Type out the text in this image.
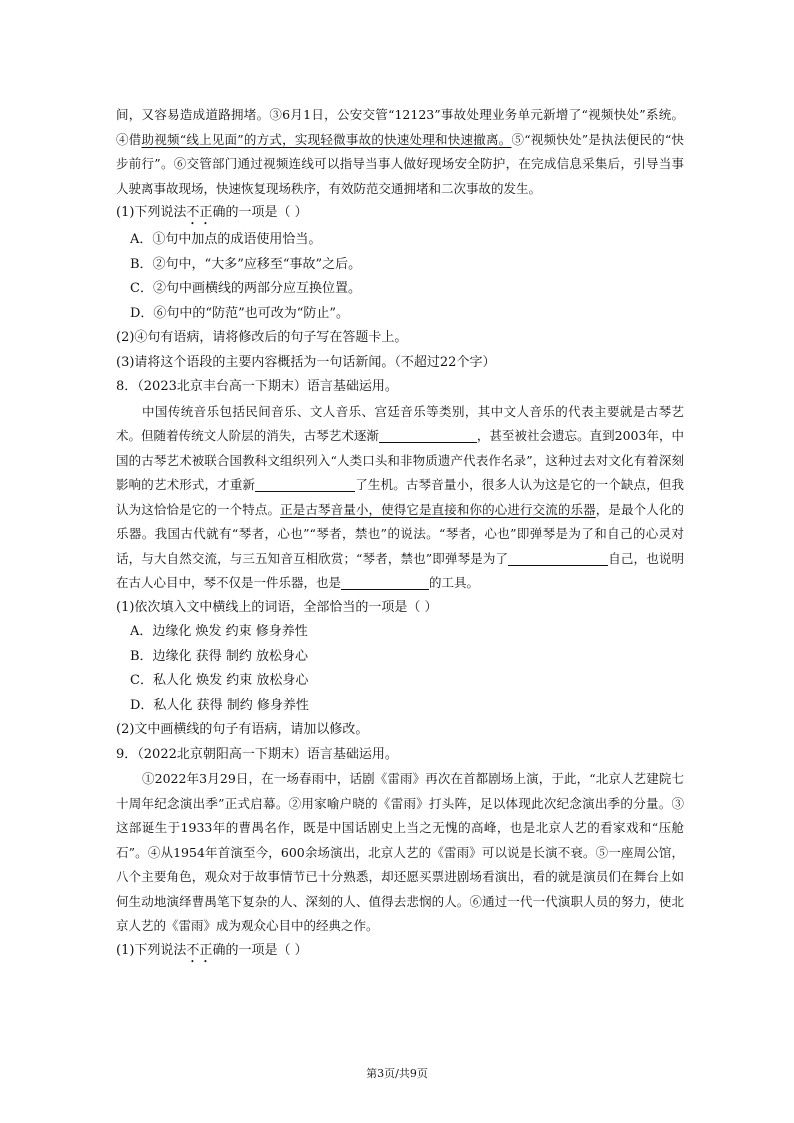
间，又容易造成道路拥堵。③6月1日，公安交管“12123”事故处理业务单元新增了“视频快处”系统。④借助视频“线上见面”的方式，实现轻微事故的快速处理和快速撤离。⑤“视频快处”是执法便民的“快步前行”。⑥交管部门通过视频连线可以指导当事人做好现场安全防护，在完成信息采集后，引导当事人驶离事故现场，快速恢复现场秩序，有效防范交通拥堵和二次事故的发生。

(1)下列说法不正确的一项是（ ）

A．①句中加点的成语使用恰当。

B．②句中，“大多”应移至“事故”之后。

C．②句中画横线的两部分应互换位置。

D．⑥句中的“防范”也可改为“防止”。

(2)④句有语病，请将修改后的句子写在答题卡上。

(3)请将这个语段的主要内容概括为一句话新闻。（不超过22个字）

8．（2023北京丰台高一下期末）语言基础运用。

中国传统音乐包括民间音乐、文人音乐、宫廷音乐等类别，其中文人音乐的代表主要就是古琴艺术。但随着传统文人阶层的消失，古琴艺术逐渐	，甚至被社会遗忘。直到2003年，中国的古琴艺术被联合国教科文组织列入“人类口头和非物质遗产代表作名录”，这种过去对文化有着深刻影响的艺术形式，才重新	了生机。古琴音量小，很多人认为这是它的一个缺点，但我认为这恰恰是它的一个特点。正是古琴音量小，使得它是直接和你的心进行交流的乐器，是最个人化的乐器。我国古代就有“琴者，心也”“琴者，禁也”的说法。“琴者，心也”即弹琴是为了和自己的心灵对话，与大自然交流，与三五知音互相欣赏；“琴者，禁也”即弹琴是为了	自己，也说明在古人心目中，琴不仅是一件乐器，也是	的工具。

(1)依次填入文中横线上的词语，全部恰当的一项是（ ）

A．边缘化 焕发 约束 修身养性

B．边缘化 获得 制约 放松身心

C．私人化 焕发 约束 放松身心

D．私人化 获得 制约 修身养性

(2)文中画横线的句子有语病，请加以修改。

9．（2022北京朝阳高一下期末）语言基础运用。

①2022年3月29日，在一场春雨中，话剧《雷雨》再次在首都剧场上演，于此，“北京人艺建院七十周年纪念演出季”正式启幕。②用家喻户晓的《雷雨》打头阵，足以体现此次纪念演出季的分量。③这部诞生于1933年的曹禺名作，既是中国话剧史上当之无愧的高峰，也是北京人艺的看家戏和“压舱石”。④从1954年首演至今，600余场演出，北京人艺的《雷雨》可以说是长演不衰。⑤一座周公馆，八个主要角色，观众对于故事情节已十分熟悉，却还愿买票进剧场看演出，看的就是演员们在舞台上如何生动地演绎曹禺笔下复杂的人、深刻的人、值得去悲悯的人。⑥通过一代一代演职人员的努力，使北京人艺的《雷雨》成为观众心目中的经典之作。

(1)下列说法不正确的一项是（ ）

第3页/共9页
